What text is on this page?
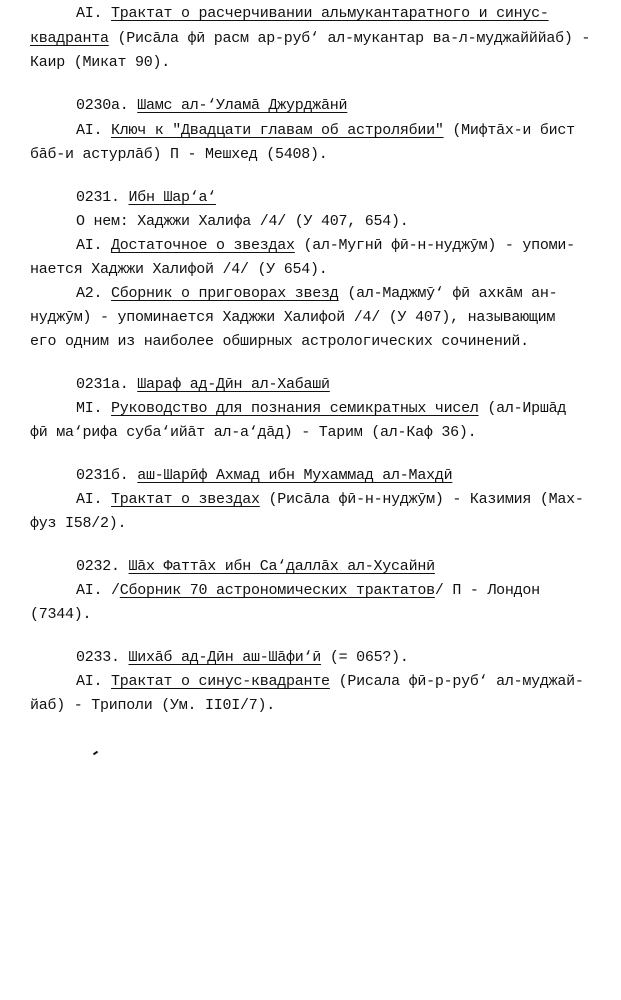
AI. Трактат о расчерчивании альмукантаратного и синус-
квадранта (Рисāла фӣ расм ар-руб‘ ал-мукантар ва-л-муджайййаб) -
Каир (Микат 90).
0230а. Шамс ал-‘Уламā Джурджāнӣ
AI. Ключ к "Двадцати главам об астролябии" (Мифтāх-и бист
бāб-и астурлāб) П - Мешхед (5408).
0231. Ибн Шар‘а‘
О нем: Хаджжи Халифа /4/ (У 407, 654).
AI. Достаточное о звездах (ал-Мугнӣ фӣ-н-нуджӯм) - упоми-
нается Хаджжи Халифой /4/ (У 654).
А2. Сборник о приговорах звезд (ал-Маджмӯ‘ фӣ ахкāм ан-
нуджӯм) - упоминается Хаджжи Халифой /4/ (У 407), называющим
его одним из наиболее обширных астрологических сочинений.
0231а. Шараф ад-Дӣн ал-Хабашӣ
MI. Руководство для познания семикратных чисел (ал-Иршāд
фӣ ма‘рифа суба‘ийāт ал-а‘дāд) - Тарим (ал-Каф 36).
0231б. аш-Шарӣф Ахмад ибн Мухаммад ал-Махдӣ
AI. Трактат о звездах (Рисāла фӣ-н-нуджӯм) - Казимия (Мах-
фуз I58/2).
0232. Шāх Фаттāх ибн Са‘даллāх ал-Хусайнӣ
AI. /Сборник 70 астрономических трактатов/ П - Лондон
(7344).
0233. Шихāб ад-Дӣн аш-Шāфи‘ӣ (= 065?).
AI. Трактат о синус-квадранте (Рисала фӣ-р-руб‘ ал-муджай-
йаб) - Триполи (Ум. II0I/7).
